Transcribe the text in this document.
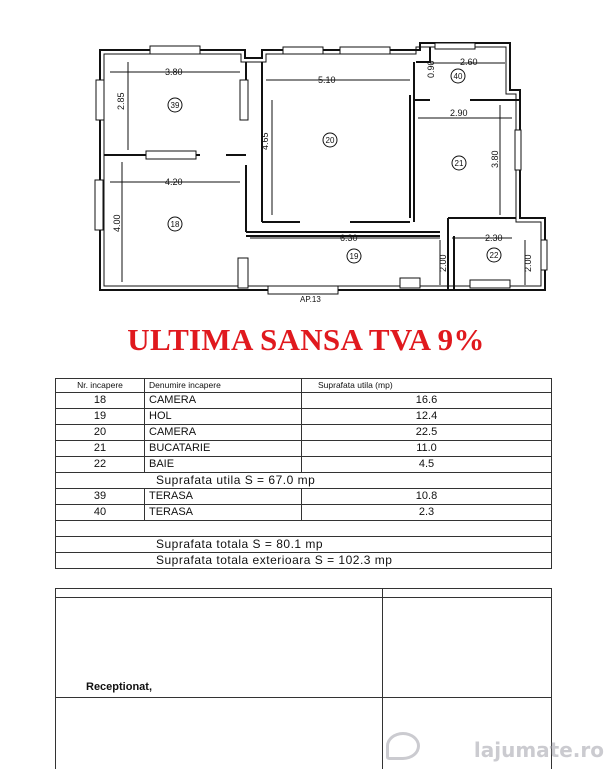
3.80
2.85
5.10
4.65
0.90	2.60
2.90
3.80
4.20
4.00
6.30	2.30
2.00	2.00
39
20
40
21
18
19	22
AP.13
ULTIMA SANSA TVA 9%
Nr. incapere	Denumire incapere	Suprafata utila (mp)
18	CAMERA	16.6
19	HOL	12.4
20	CAMERA	22.5
21	BUCATARIE	11.0
22	BAIE	4.5
Suprafata utila S = 67.0 mp		
39	TERASA	10.8
40	TERASA	2.3

Suprafata totala S = 80.1 mp		
Suprafata totala exterioara S = 102.3 mp		
Receptionat,
lajumate.ro
